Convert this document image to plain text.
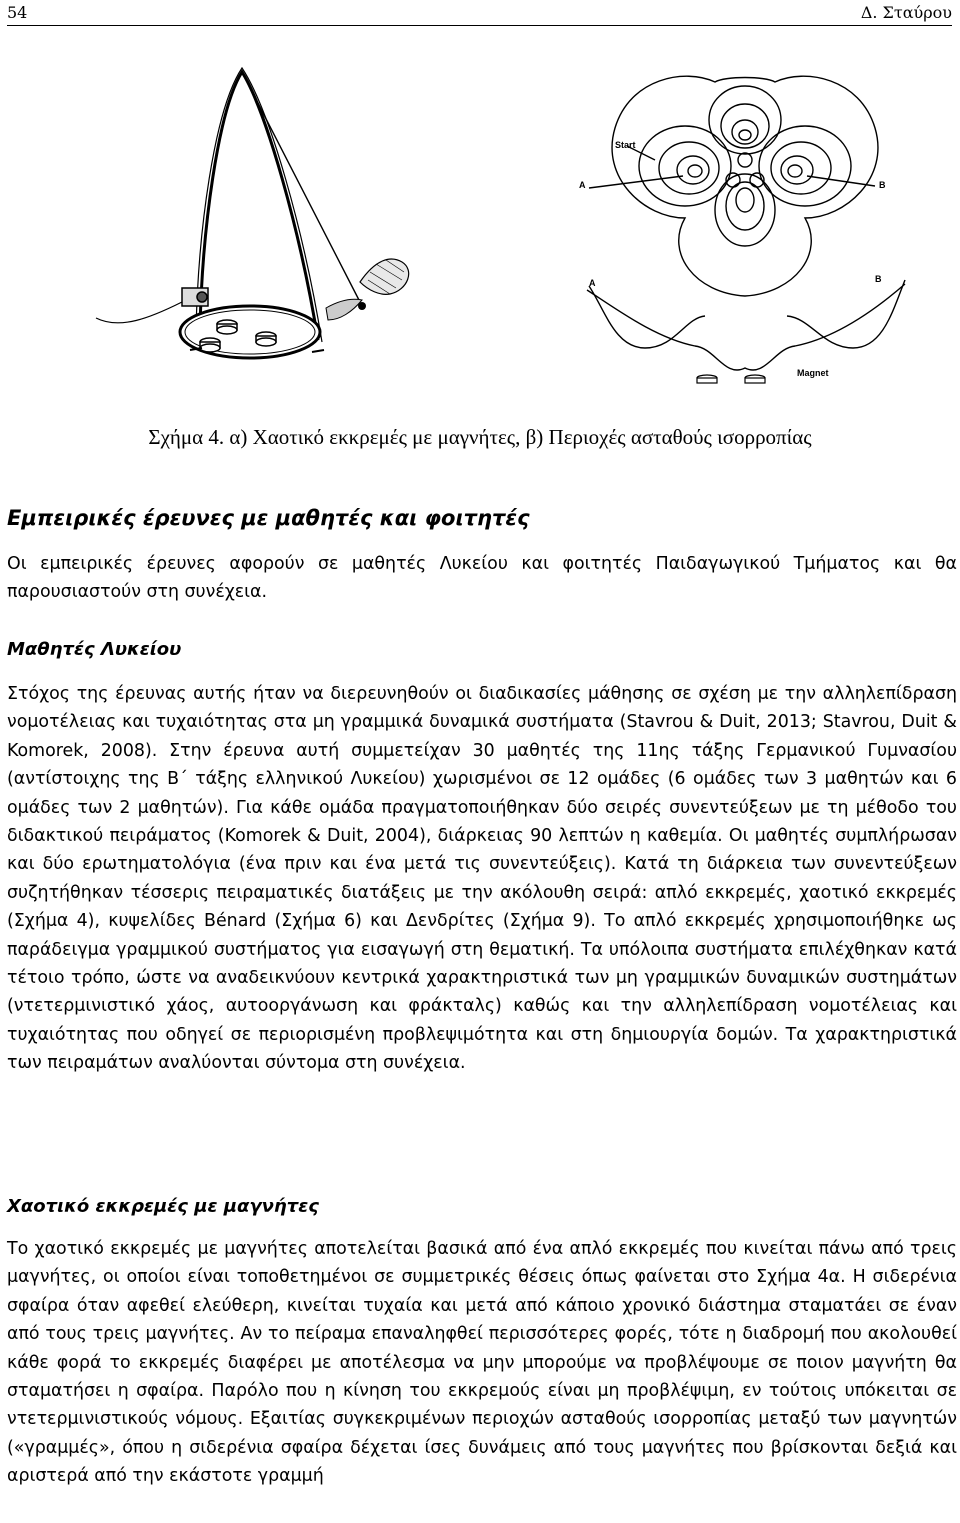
54	Δ. Σταύρου
Start
A	B
A	B
Magnet
Σχήμα 4. α) Χαοτικό εκκρεμές με μαγνήτες, β) Περιοχές ασταθούς ισορροπίας
Εμπειρικές έρευνες με μαθητές και φοιτητές

Οι εμπειρικές έρευνες αφορούν σε μαθητές Λυκείου και φοιτητές Παιδαγωγικού Τμήματος και θα παρουσιαστούν στη συνέχεια.

Μαθητές Λυκείου

Στόχος της έρευνας αυτής ήταν να διερευνηθούν οι διαδικασίες μάθησης σε σχέση με την αλληλεπίδραση νομοτέλειας και τυχαιότητας στα μη γραμμικά δυναμικά συστήματα (Stavrou & Duit, 2013; Stavrou, Duit & Komorek, 2008). Στην έρευνα αυτή συμμετείχαν 30 μαθητές της 11ης τάξης Γερμανικού Γυμνασίου (αντίστοιχης της Β΄ τάξης ελληνικού Λυκείου) χωρισμένοι σε 12 ομάδες (6 ομάδες των 3 μαθητών και 6 ομάδες των 2 μαθητών). Για κάθε ομάδα πραγματοποιήθηκαν δύο σειρές συνεντεύξεων με τη μέθοδο του διδακτικού πειράματος (Komorek & Duit, 2004), διάρκειας 90 λεπτών η καθεμία. Οι μαθητές συμπλήρωσαν και δύο ερωτηματολόγια (ένα πριν και ένα μετά τις συνεντεύξεις). Κατά τη διάρκεια των συνεντεύξεων συζητήθηκαν τέσσερις πειραματικές διατάξεις με την ακόλουθη σειρά: απλό εκκρεμές, χαοτικό εκκρεμές (Σχήμα 4), κυψελίδες Bénard (Σχήμα 6) και Δενδρίτες (Σχήμα 9). Το απλό εκκρεμές χρησιμοποιήθηκε ως παράδειγμα γραμμικού συστήματος για εισαγωγή στη θεματική. Τα υπόλοιπα συστήματα επιλέχθηκαν κατά τέτοιο τρόπο, ώστε να αναδεικνύουν κεντρικά χαρακτηριστικά των μη γραμμικών δυναμικών συστημάτων (ντετερμινιστικό χάος, αυτοοργάνωση και φράκταλς) καθώς και την αλληλεπίδραση νομοτέλειας και τυχαιότητας που οδηγεί σε περιορισμένη προβλεψιμότητα και στη δημιουργία δομών. Τα χαρακτηριστικά των πειραμάτων αναλύονται σύντομα στη συνέχεια.

Χαοτικό εκκρεμές με μαγνήτες

Το χαοτικό εκκρεμές με μαγνήτες αποτελείται βασικά από ένα απλό εκκρεμές που κινείται πάνω από τρεις μαγνήτες, οι οποίοι είναι τοποθετημένοι σε συμμετρικές θέσεις όπως φαίνεται στο Σχήμα 4α. Η σιδερένια σφαίρα όταν αφεθεί ελεύθερη, κινείται τυχαία και μετά από κάποιο χρονικό διάστημα σταματάει σε έναν από τους τρεις μαγνήτες. Αν το πείραμα επαναληφθεί περισσότερες φορές, τότε η διαδρομή που ακολουθεί κάθε φορά το εκκρεμές διαφέρει με αποτέλεσμα να μην μπορούμε να προβλέψουμε σε ποιον μαγνήτη θα σταματήσει η σφαίρα. Παρόλο που η κίνηση του εκκρεμούς είναι μη προβλέψιμη, εν τούτοις υπόκειται σε ντετερμινιστικούς νόμους. Εξαιτίας συγκεκριμένων περιοχών ασταθούς ισορροπίας μεταξύ των μαγνητών («γραμμές», όπου η σιδερένια σφαίρα δέχεται ίσες δυνάμεις από τους μαγνήτες που βρίσκονται δεξιά και αριστερά από την εκάστοτε γραμμή
